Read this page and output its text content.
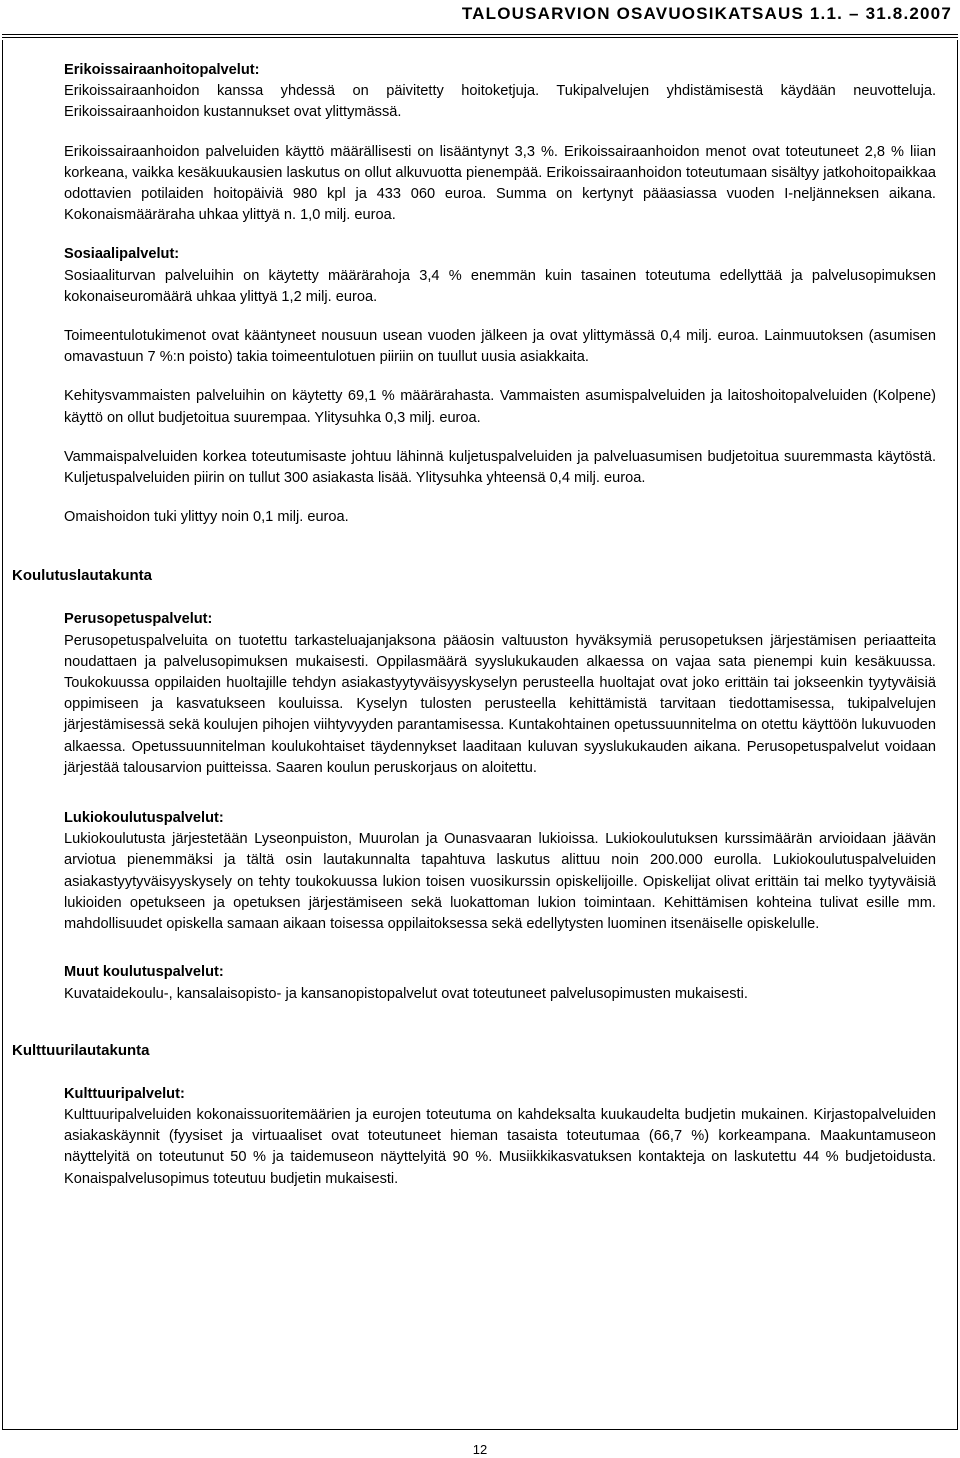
TALOUSARVION OSAVUOSIKATSAUS 1.1. – 31.8.2007

Erikoissairaanhoitopalvelut:

Erikoissairaanhoidon kanssa yhdessä on päivitetty hoitoketjuja. Tukipalvelujen yhdistämisestä käydään neuvotteluja. Erikoissairaanhoidon kustannukset ovat ylittymässä.

Erikoissairaanhoidon palveluiden käyttö määrällisesti on lisääntynyt 3,3 %. Erikoissairaanhoidon menot ovat toteutuneet 2,8 % liian korkeana, vaikka kesäkuukausien laskutus on ollut alkuvuotta pienempää. Erikoissairaanhoidon toteutumaan sisältyy jatkohoitopaikkaa odottavien potilaiden hoitopäiviä 980 kpl ja 433 060 euroa. Summa on kertynyt pääasiassa vuoden I-neljänneksen aikana. Kokonaismääräraha uhkaa ylittyä n. 1,0 milj. euroa.

Sosiaalipalvelut:

Sosiaaliturvan palveluihin on käytetty määrärahoja 3,4 % enemmän kuin tasainen toteutuma edellyttää ja palvelusopimuksen kokonaiseuromäärä uhkaa ylittyä 1,2 milj. euroa.

Toimeentulotukimenot ovat kääntyneet nousuun usean vuoden jälkeen ja ovat ylittymässä 0,4 milj. euroa. Lainmuutoksen (asumisen omavastuun 7 %:n poisto) takia toimeentulotuen piiriin on tuullut uusia asiakkaita.

Kehitysvammaisten palveluihin on käytetty 69,1 % määrärahasta. Vammaisten asumispalveluiden ja laitoshoitopalveluiden (Kolpene) käyttö on ollut budjetoitua suurempaa. Ylitysuhka 0,3 milj. euroa.

Vammaispalveluiden korkea toteutumisaste johtuu lähinnä kuljetuspalveluiden ja palveluasumisen budjetoitua suuremmasta käytöstä. Kuljetuspalveluiden piirin on tullut 300 asiakasta lisää. Ylitysuhka yhteensä 0,4 milj. euroa.

Omaishoidon tuki ylittyy noin 0,1 milj. euroa.

Koulutuslautakunta

Perusopetuspalvelut:

Perusopetuspalveluita on tuotettu tarkasteluajanjaksona pääosin valtuuston hyväksymiä perusopetuksen järjestämisen periaatteita noudattaen ja palvelusopimuksen mukaisesti. Oppilasmäärä syyslukukauden alkaessa on vajaa sata pienempi kuin kesäkuussa. Toukokuussa oppilaiden huoltajille tehdyn asiakastyytyväisyyskyselyn perusteella huoltajat ovat joko erittäin tai jokseenkin tyytyväisiä oppimiseen ja kasvatukseen kouluissa. Kyselyn tulosten perusteella kehittämistä tarvitaan tiedottamisessa, tukipalvelujen järjestämisessä sekä koulujen pihojen viihtyvyyden parantamisessa. Kuntakohtainen opetussuunnitelma on otettu käyttöön lukuvuoden alkaessa. Opetussuunnitelman koulukohtaiset täydennykset laaditaan kuluvan syyslukukauden aikana. Perusopetuspalvelut voidaan järjestää talousarvion puitteissa. Saaren koulun peruskorjaus on aloitettu.

Lukiokoulutuspalvelut:

Lukiokoulutusta järjestetään Lyseonpuiston, Muurolan ja Ounasvaaran lukioissa. Lukiokoulutuksen kurssimäärän arvioidaan jäävän arviotua pienemmäksi ja tältä osin lautakunnalta tapahtuva laskutus alittuu noin 200.000 eurolla. Lukiokoulutuspalveluiden asiakastyytyväisyyskysely on tehty toukokuussa lukion toisen vuosikurssin opiskelijoille. Opiskelijat olivat erittäin tai melko tyytyväisiä lukioiden opetukseen ja opetuksen järjestämiseen sekä luokattoman lukion toimintaan. Kehittämisen kohteina tulivat esille mm. mahdollisuudet opiskella samaan aikaan toisessa oppilaitoksessa sekä edellytysten luominen itsenäiselle opiskelulle.

Muut koulutuspalvelut:

Kuvataidekoulu-, kansalaisopisto- ja kansanopistopalvelut ovat toteutuneet palvelusopimusten mukaisesti.

Kulttuurilautakunta

Kulttuuripalvelut:

Kulttuuripalveluiden kokonaissuoritemäärien ja eurojen toteutuma on kahdeksalta kuukaudelta budjetin mukainen. Kirjastopalveluiden asiakaskäynnit (fyysiset ja virtuaaliset ovat toteutuneet hieman tasaista toteutumaa (66,7 %) korkeampana. Maakuntamuseon näyttelyitä on toteutunut 50 % ja taidemuseon näyttelyitä 90 %. Musiikkikasvatuksen kontakteja on laskutettu 44 % budjetoidusta. Konaispalvelusopimus toteutuu budjetin mukaisesti.

12
